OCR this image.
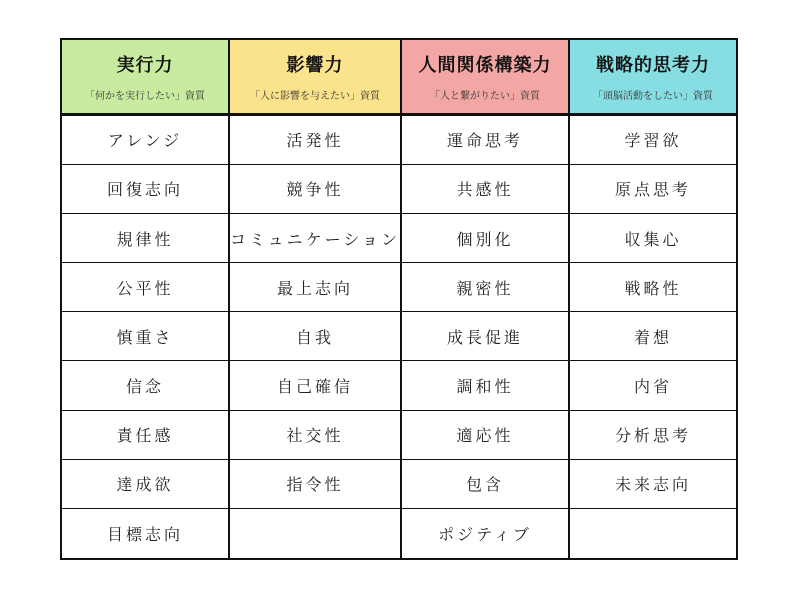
実行力
「何かを実行したい」資質
アレンジ
回復志向
規律性
公平性
慎重さ
信念
責任感
達成欲
目標志向
影響力
「人に影響を与えたい」資質
活発性
競争性
コミュニケーション
最上志向
自我
自己確信
社交性
指令性
人間関係構築力
「人と繋がりたい」資質
運命思考
共感性
個別化
親密性
成長促進
調和性
適応性
包含
ポジティブ
戦略的思考力
「頭脳活動をしたい」資質
学習欲
原点思考
収集心
戦略性
着想
内省
分析思考
未来志向
